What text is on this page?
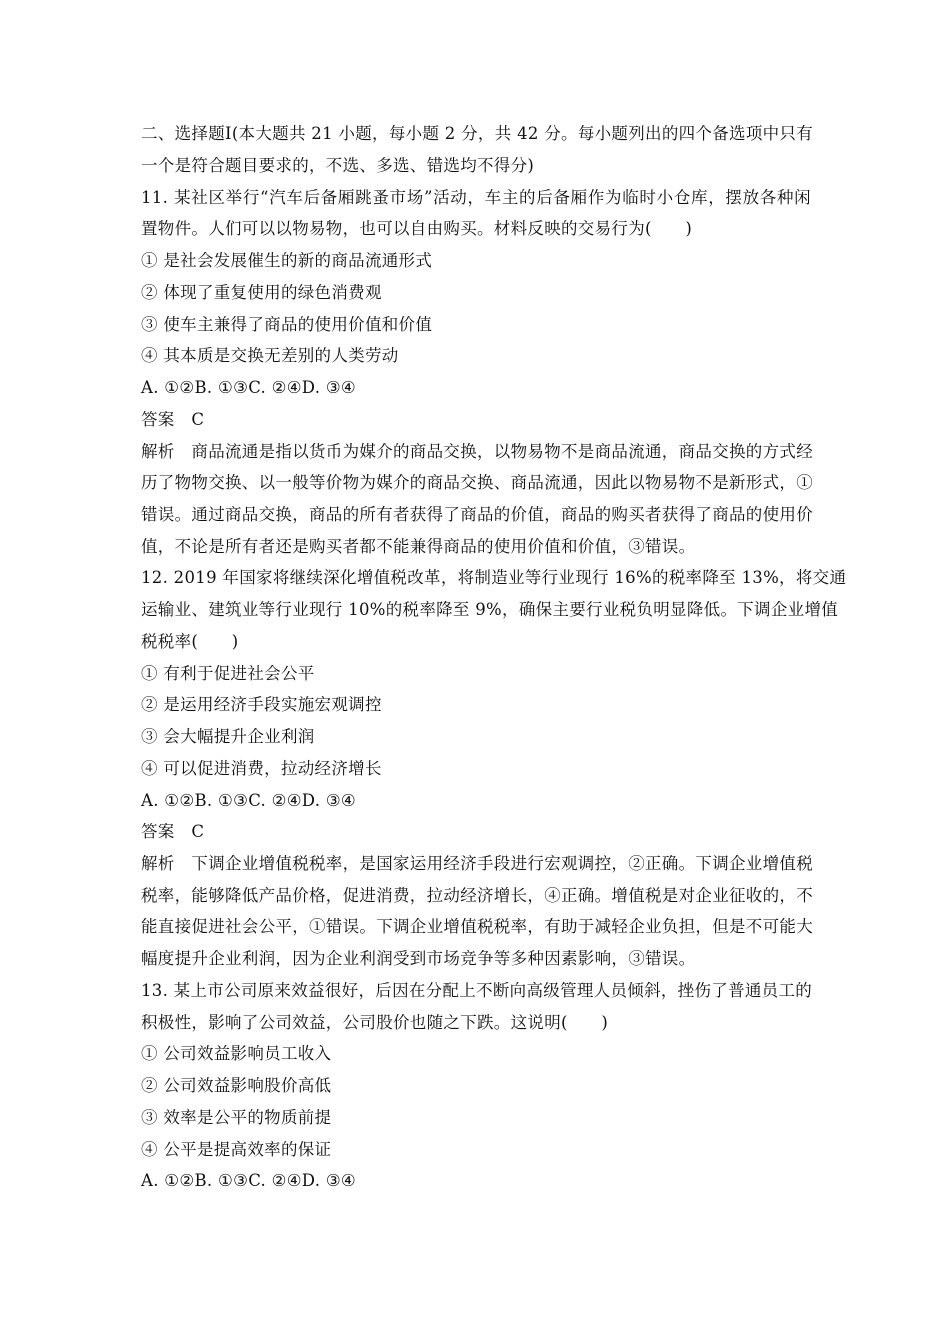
二、选择题Ⅰ(本大题共 21 小题，每小题 2 分，共 42 分。每小题列出的四个备选项中只有
一个是符合题目要求的，不选、多选、错选均不得分)
11. 某社区举行“汽车后备厢跳蚤市场”活动，车主的后备厢作为临时小仓库，摆放各种闲
置物件。人们可以以物易物，也可以自由购买。材料反映的交易行为(　　)
① 是社会发展催生的新的商品流通形式
② 体现了重复使用的绿色消费观
③ 使车主兼得了商品的使用价值和价值
④ 其本质是交换无差别的人类劳动
A. ①②B. ①③C. ②④D. ③④
答案　C
解析　商品流通是指以货币为媒介的商品交换，以物易物不是商品流通，商品交换的方式经
历了物物交换、以一般等价物为媒介的商品交换、商品流通，因此以物易物不是新形式，①
错误。通过商品交换，商品的所有者获得了商品的价值，商品的购买者获得了商品的使用价
值，不论是所有者还是购买者都不能兼得商品的使用价值和价值，③错误。
12. 2019 年国家将继续深化增值税改革，将制造业等行业现行 16%的税率降至 13%，将交通
运输业、建筑业等行业现行 10%的税率降至 9%，确保主要行业税负明显降低。下调企业增值
税税率(　　)
① 有利于促进社会公平
② 是运用经济手段实施宏观调控
③ 会大幅提升企业利润
④ 可以促进消费，拉动经济增长
A. ①②B. ①③C. ②④D. ③④
答案　C
解析　下调企业增值税税率，是国家运用经济手段进行宏观调控，②正确。下调企业增值税
税率，能够降低产品价格，促进消费，拉动经济增长，④正确。增值税是对企业征收的，不
能直接促进社会公平，①错误。下调企业增值税税率，有助于减轻企业负担，但是不可能大
幅度提升企业利润，因为企业利润受到市场竞争等多种因素影响，③错误。
13. 某上市公司原来效益很好，后因在分配上不断向高级管理人员倾斜，挫伤了普通员工的
积极性，影响了公司效益，公司股价也随之下跌。这说明(　　)
① 公司效益影响员工收入
② 公司效益影响股价高低
③ 效率是公平的物质前提
④ 公平是提高效率的保证
A. ①②B. ①③C. ②④D. ③④
